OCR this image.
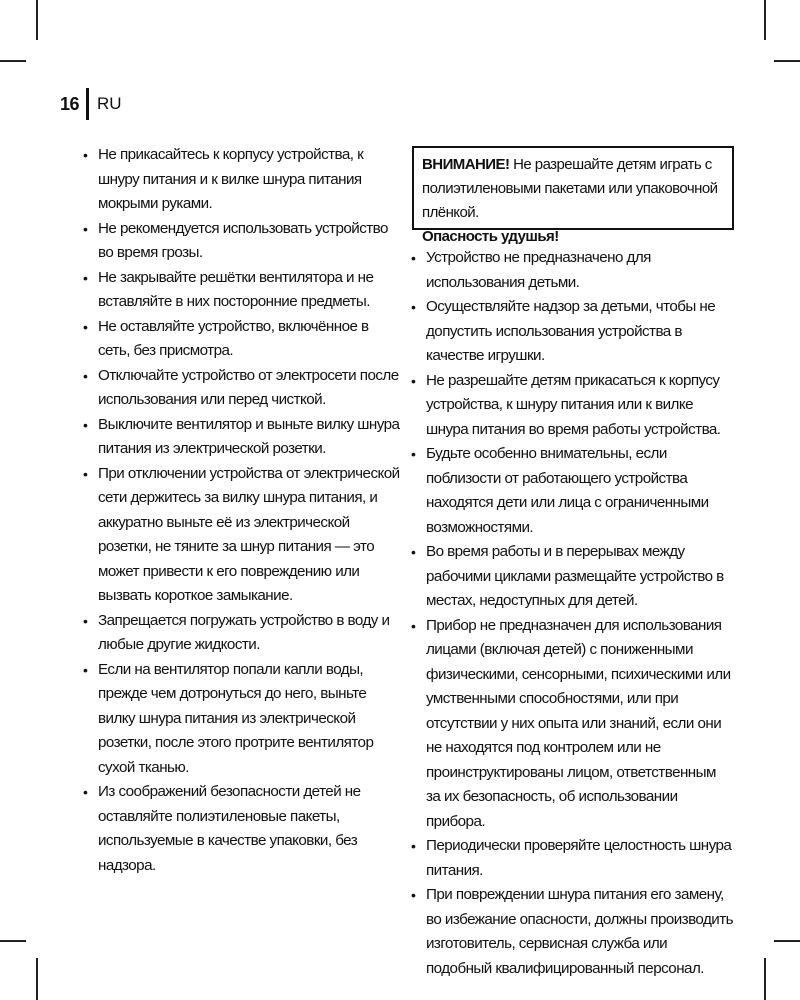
16 RU
• Не прикасайтесь к корпусу устройства, к шнуру питания и к вилке шнура питания мокрыми руками.
• Не рекомендуется использовать устройство во время грозы.
• Не закрывайте решётки вентилятора и не вставляйте в них посторонние предметы.
• Не оставляйте устройство, включённое в сеть, без присмотра.
• Отключайте устройство от электросети после использования или перед чисткой.
• Выключите вентилятор и выньте вилку шнура питания из электрической розетки.
• При отключении устройства от электрической сети держитесь за вилку шнура питания, и аккуратно выньте её из электрической розетки, не тяните за шнур питания — это может привести к его повреждению или вызвать короткое замыкание.
• Запрещается погружать устройство в воду и любые другие жидкости.
• Если на вентилятор попали капли воды, прежде чем дотронуться до него, выньте вилку шнура питания из электрической розетки, после этого протрите вентилятор сухой тканью.
• Из соображений безопасности детей не оставляйте полиэтиленовые пакеты, используемые в качестве упаковки, без надзора.
ВНИМАНИЕ! Не разрешайте детям играть с полиэтиленовыми пакетами или упаковочной плёнкой.
Опасность удушья!
• Устройство не предназначено для использования детьми.
• Осуществляйте надзор за детьми, чтобы не допустить использования устройства в качестве игрушки.
• Не разрешайте детям прикасаться к корпусу устройства, к шнуру питания или к вилке шнура питания во время работы устройства.
• Будьте особенно внимательны, если поблизости от работающего устройства находятся дети или лица с ограниченными возможностями.
• Во время работы и в перерывах между рабочими циклами размещайте устройство в местах, недоступных для детей.
• Прибор не предназначен для использования лицами (включая детей) с пониженными физическими, сенсорными, психическими или умственными способностями, или при отсутствии у них опыта или знаний, если они не находятся под контролем или не проинструктированы лицом, ответственным за их безопасность, об использовании прибора.
• Периодически проверяйте целостность шнура питания.
• При повреждении шнура питания его замену, во избежание опасности, должны производить изготовитель, сервисная служба или подобный квалифицированный персонал.
